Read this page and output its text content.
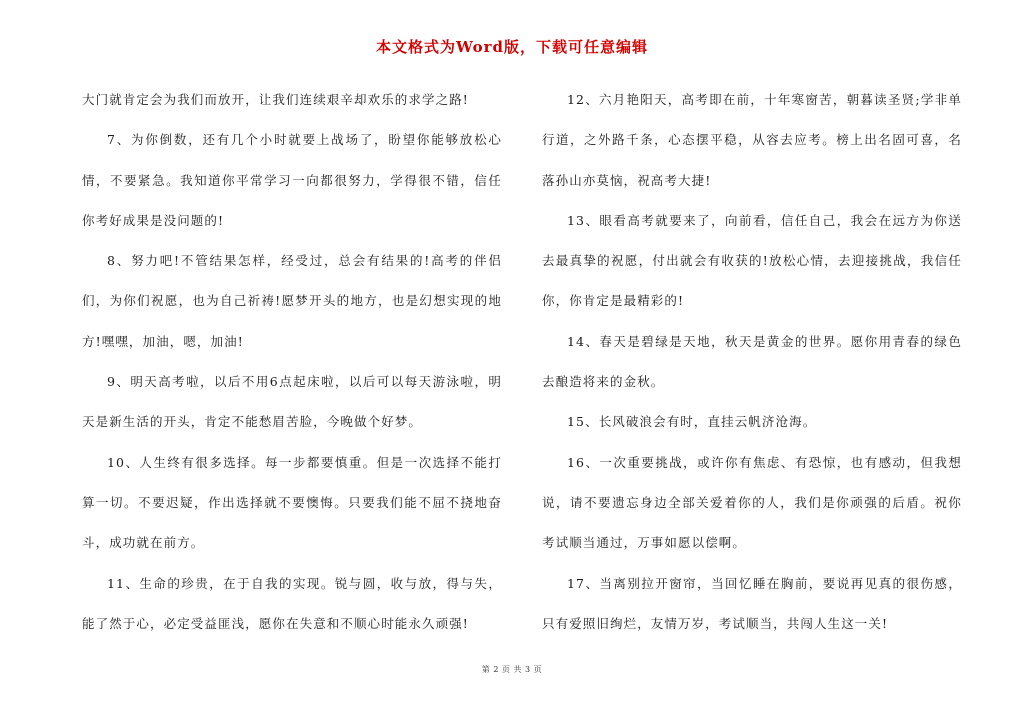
本文格式为Word版，下载可任意编辑

大门就肯定会为我们而放开，让我们连续艰辛却欢乐的求学之路!

7、为你倒数，还有几个小时就要上战场了，盼望你能够放松心情，不要紧急。我知道你平常学习一向都很努力，学得很不错，信任你考好成果是没问题的!

8、努力吧!不管结果怎样，经受过，总会有结果的!高考的伴侣们，为你们祝愿，也为自己祈祷!愿梦开头的地方，也是幻想实现的地方!嘿嘿，加油，嗯，加油!

9、明天高考啦，以后不用6点起床啦，以后可以每天游泳啦，明天是新生活的开头，肯定不能愁眉苦脸，今晚做个好梦。

10、人生终有很多选择。每一步都要慎重。但是一次选择不能打算一切。不要迟疑，作出选择就不要懊悔。只要我们能不屈不挠地奋斗，成功就在前方。

11、生命的珍贵，在于自我的实现。锐与圆，收与放，得与失，能了然于心，必定受益匪浅，愿你在失意和不顺心时能永久顽强!

12、六月艳阳天，高考即在前，十年寒窗苦，朝暮读圣贤;学非单行道，之外路千条，心态摆平稳，从容去应考。榜上出名固可喜，名落孙山亦莫恼，祝高考大捷!

13、眼看高考就要来了，向前看，信任自己，我会在远方为你送去最真挚的祝愿，付出就会有收获的!放松心情，去迎接挑战，我信任你，你肯定是最精彩的!

14、春天是碧绿是天地，秋天是黄金的世界。愿你用青春的绿色去酿造将来的金秋。

15、长风破浪会有时，直挂云帆济沧海。

16、一次重要挑战，或许你有焦虑、有恐惊，也有感动，但我想说，请不要遗忘身边全部关爱着你的人，我们是你顽强的后盾。祝你考试顺当通过，万事如愿以偿啊。

17、当离别拉开窗帘，当回忆睡在胸前，要说再见真的很伤感，只有爱照旧绚烂，友情万岁，考试顺当，共闯人生这一关!

第 2 页 共 3 页
